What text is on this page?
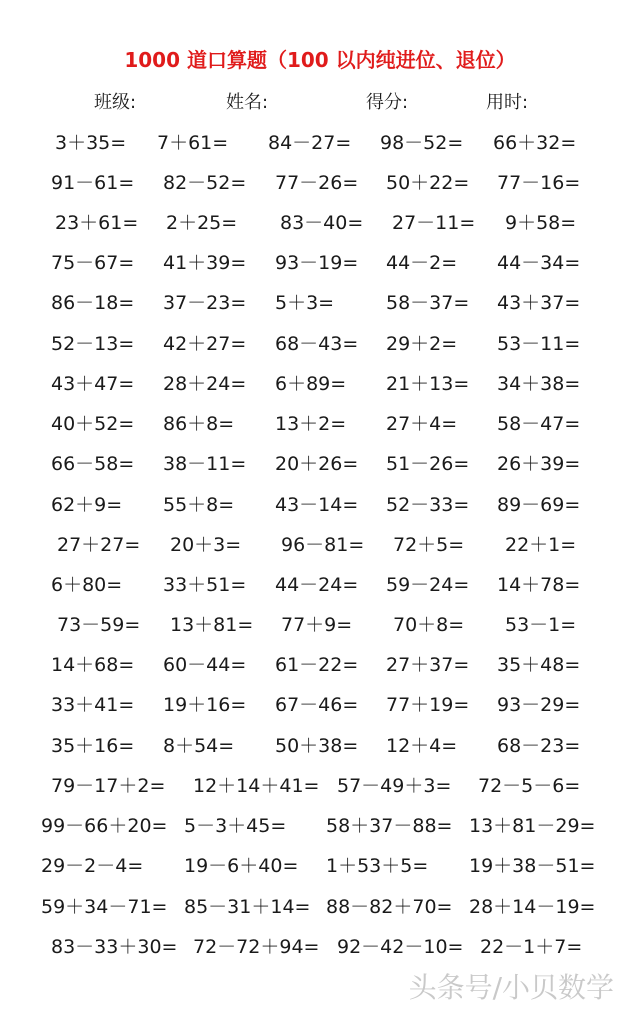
1000 道口算题（100 以内纯进位、退位）
班级:	姓名:	得分:	用时:
3＋35= 7＋61= 84－27= 98－52= 66＋32=
91－61= 82－52= 77－26= 50＋22= 77－16=
23＋61= 2＋25= 83－40= 27－11= 9＋58=
75－67= 41＋39= 93－19= 44－2= 44－34=
86－18= 37－23= 5＋3=	58－37= 43＋37=
52－13= 42＋27= 68－43= 29＋2= 53－11=
43＋47= 28＋24= 6＋89= 21＋13= 34＋38=
40＋52= 86＋8= 13＋2= 27＋4= 58－47=
66－58= 38－11= 20＋26= 51－26= 26＋39=
62＋9= 55＋8= 43－14= 52－33= 89－69=
27＋27= 20＋3= 96－81= 72＋5= 22＋1=
6＋80= 33＋51= 44－24= 59－24= 14＋78=
73－59= 13＋81= 77＋9= 70＋8= 53－1=
14＋68= 60－44= 61－22= 27＋37= 35＋48=
33＋41= 19＋16= 67－46= 77＋19= 93－29=
35＋16= 8＋54= 50＋38= 12＋4= 68－23=
79－17＋2= 12＋14＋41= 57－49＋3= 72－5－6=
99－66＋20= 5－3＋45= 58＋37－88= 13＋81－29=
29－2－4= 19－6＋40= 1＋53＋5= 19＋38－51=
59＋34－71= 85－31＋14= 88－82＋70= 28＋14－19=
83－33＋30= 72－72＋94= 92－42－10= 22－1＋7=
头条号/小贝数学
